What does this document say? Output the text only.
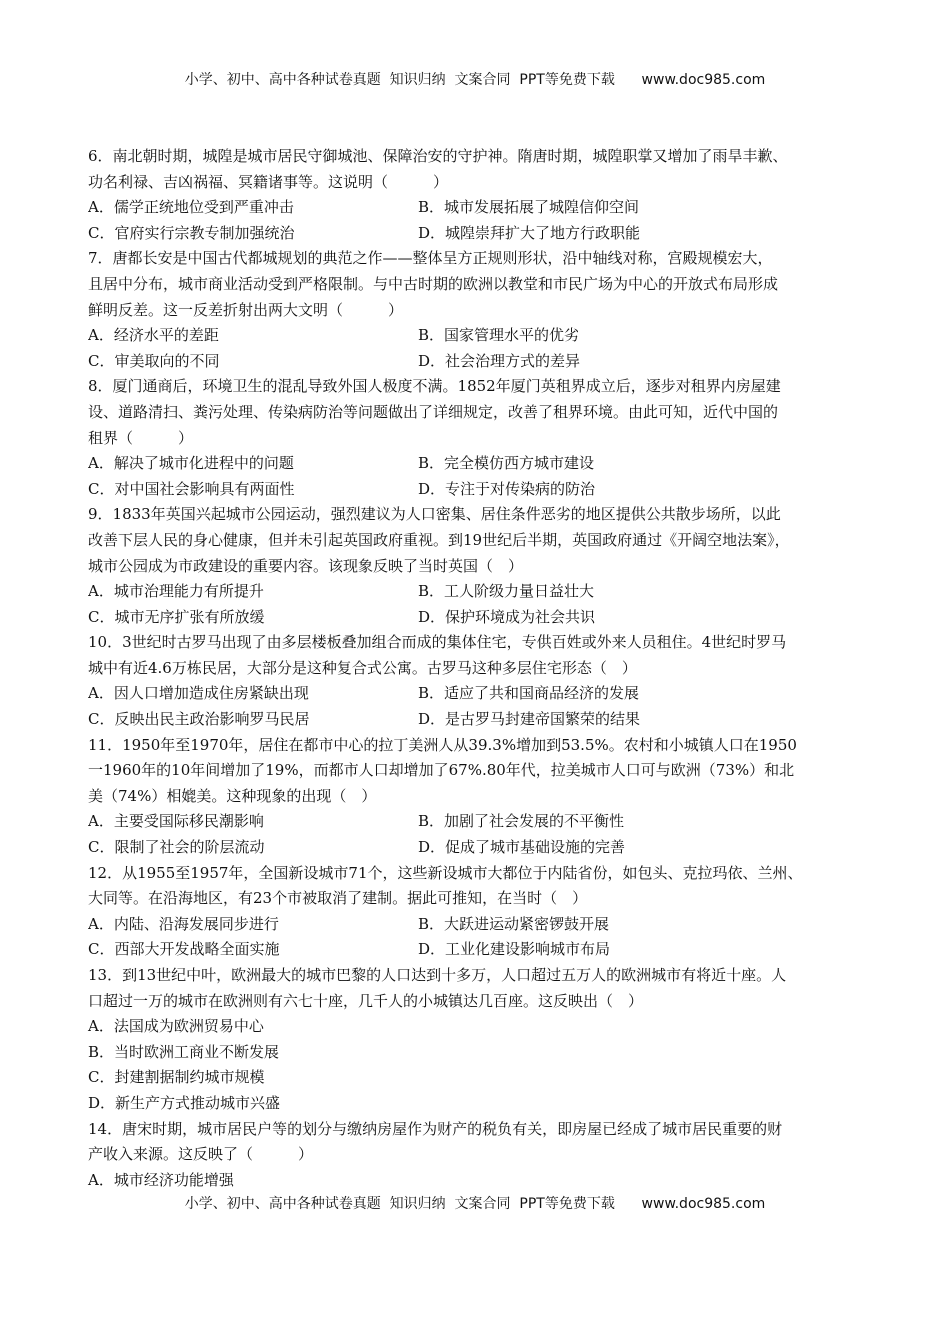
小学、初中、高中各种试卷真题  知识归纳  文案合同  PPT等免费下载      www.doc985.com
6．南北朝时期，城隍是城市居民守御城池、保障治安的守护神。隋唐时期，城隍职掌又增加了雨旱丰歉、
功名利禄、吉凶祸福、冥籍诸事等。这说明（　　　）
A．儒学正统地位受到严重冲击	B．城市发展拓展了城隍信仰空间
C．官府实行宗教专制加强统治	D．城隍崇拜扩大了地方行政职能
7．唐都长安是中国古代都城规划的典范之作——整体呈方正规则形状，沿中轴线对称，宫殿规模宏大，
且居中分布，城市商业活动受到严格限制。与中古时期的欧洲以教堂和市民广场为中心的开放式布局形成
鲜明反差。这一反差折射出两大文明（　　　）
A．经济水平的差距	B．国家管理水平的优劣
C．审美取向的不同	D．社会治理方式的差异
8．厦门通商后，环境卫生的混乱导致外国人极度不满。1852年厦门英租界成立后，逐步对租界内房屋建
设、道路清扫、粪污处理、传染病防治等问题做出了详细规定，改善了租界环境。由此可知，近代中国的
租界（　　　）
A．解决了城市化进程中的问题	B．完全模仿西方城市建设
C．对中国社会影响具有两面性	D．专注于对传染病的防治
9．1833年英国兴起城市公园运动，强烈建议为人口密集、居住条件恶劣的地区提供公共散步场所，以此
改善下层人民的身心健康，但并未引起英国政府重视。到19世纪后半期，英国政府通过《开阔空地法案》，
城市公园成为市政建设的重要内容。该现象反映了当时英国（　）
A．城市治理能力有所提升	B．工人阶级力量日益壮大
C．城市无序扩张有所放缓	D．保护环境成为社会共识
10．3世纪时古罗马出现了由多层楼板叠加组合而成的集体住宅，专供百姓或外来人员租住。4世纪时罗马
城中有近4.6万栋民居，大部分是这种复合式公寓。古罗马这种多层住宅形态（　）
A．因人口增加造成住房紧缺出现	B．适应了共和国商品经济的发展
C．反映出民主政治影响罗马民居	D．是古罗马封建帝国繁荣的结果
11．1950年至1970年，居住在都市中心的拉丁美洲人从39.3%增加到53.5%。农村和小城镇人口在1950
一1960年的10年间增加了19%，而都市人口却增加了67%.80年代，拉美城市人口可与欧洲（73%）和北
美（74%）相媲美。这种现象的出现（　）
A．主要受国际移民潮影响	B．加剧了社会发展的不平衡性
C．限制了社会的阶层流动	D．促成了城市基础设施的完善
12．从1955至1957年，全国新设城市71个，这些新设城市大都位于内陆省份，如包头、克拉玛依、兰州、
大同等。在沿海地区，有23个市被取消了建制。据此可推知，在当时（　）
A．内陆、沿海发展同步进行	B．大跃进运动紧密锣鼓开展
C．西部大开发战略全面实施	D．工业化建设影响城市布局
13．到13世纪中叶，欧洲最大的城市巴黎的人口达到十多万，人口超过五万人的欧洲城市有将近十座。人
口超过一万的城市在欧洲则有六七十座，几千人的小城镇达几百座。这反映出（　）
A．法国成为欧洲贸易中心
B．当时欧洲工商业不断发展
C．封建割据制约城市规模
D．新生产方式推动城市兴盛
14．唐宋时期，城市居民户等的划分与缴纳房屋作为财产的税负有关，即房屋已经成了城市居民重要的财
产收入来源。这反映了（　　　）
A．城市经济功能增强
小学、初中、高中各种试卷真题  知识归纳  文案合同  PPT等免费下载      www.doc985.com
